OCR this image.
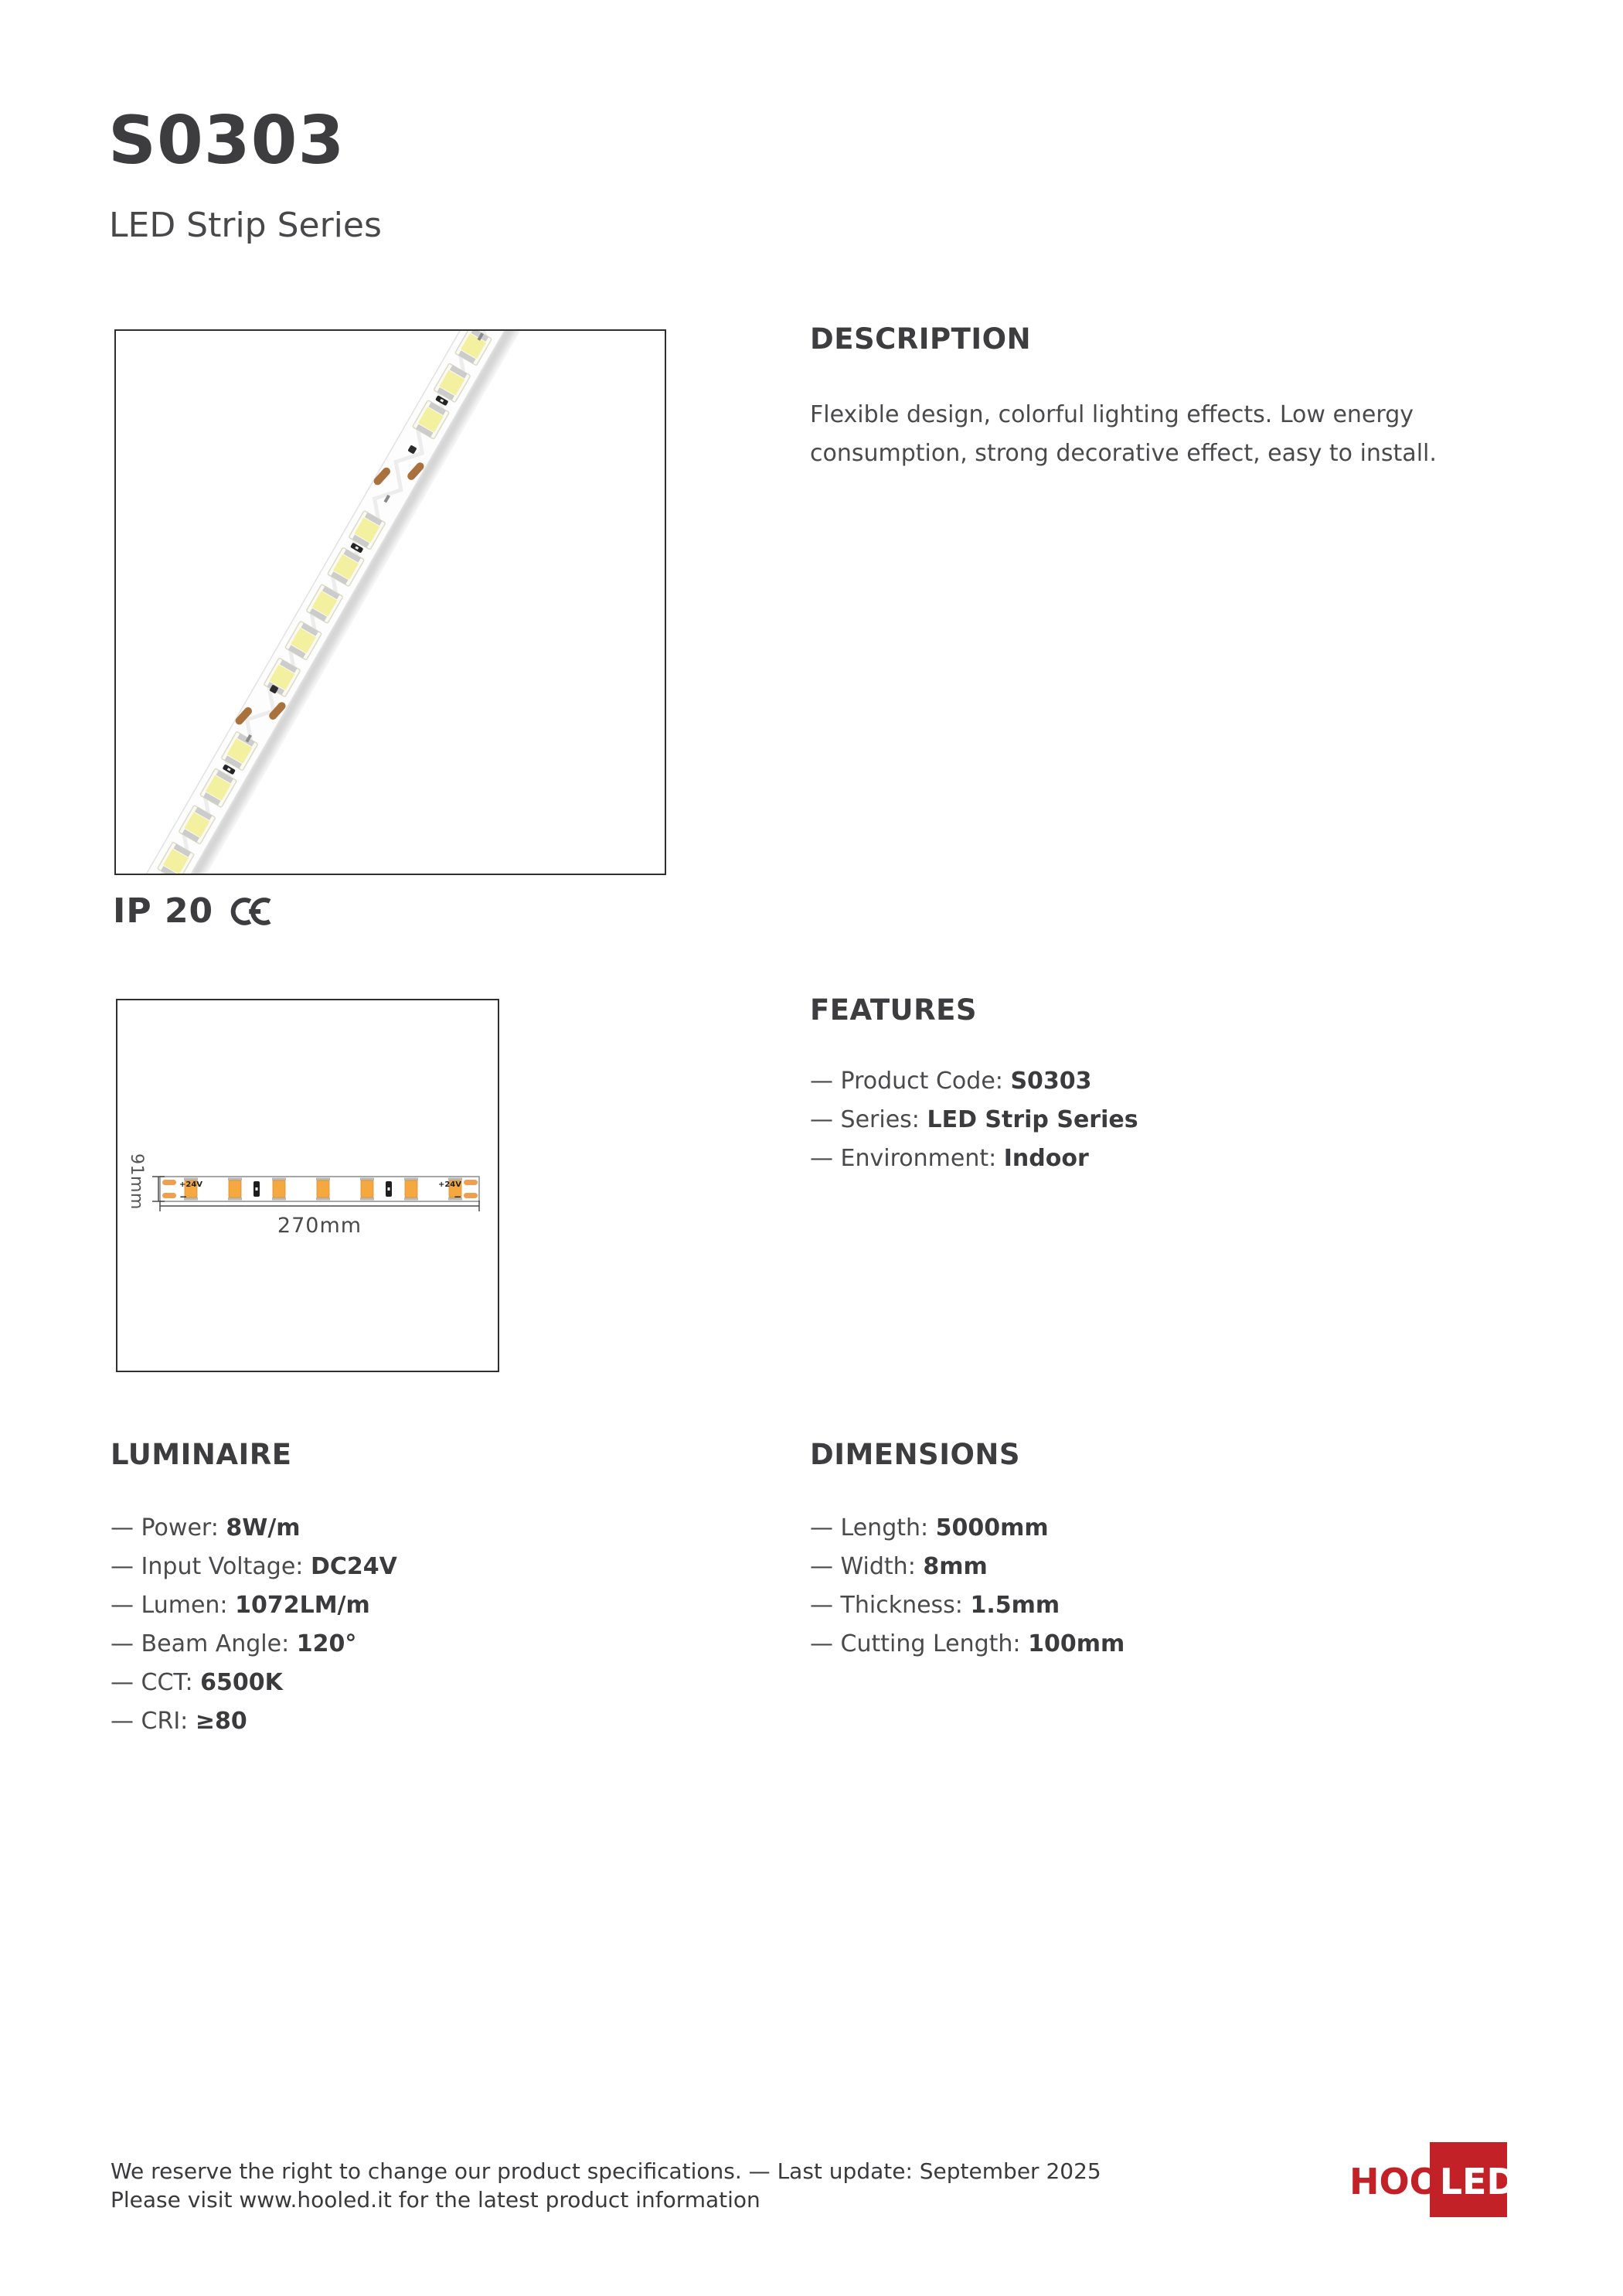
S0303
LED Strip Series
IP 20
DESCRIPTION

Flexible design, colorful lighting effects. Low energy consumption, strong decorative effect, easy to install.

+24V	+24V
−	−
91mm
270mm
FEATURES
— Product Code: S0303
— Series: LED Strip Series
— Environment: Indoor
LUMINAIRE
— Power: 8W/m
— Input Voltage: DC24V
— Lumen: 1072LM/m
— Beam Angle: 120°
— CCT: 6500K
— CRI: ≥80
DIMENSIONS
— Length: 5000mm
— Width: 8mm
— Thickness: 1.5mm
— Cutting Length: 100mm
We reserve the right to change our product specifications. — Last update: September 2025
Please visit www.hooled.it for the latest product information	HOOLED
